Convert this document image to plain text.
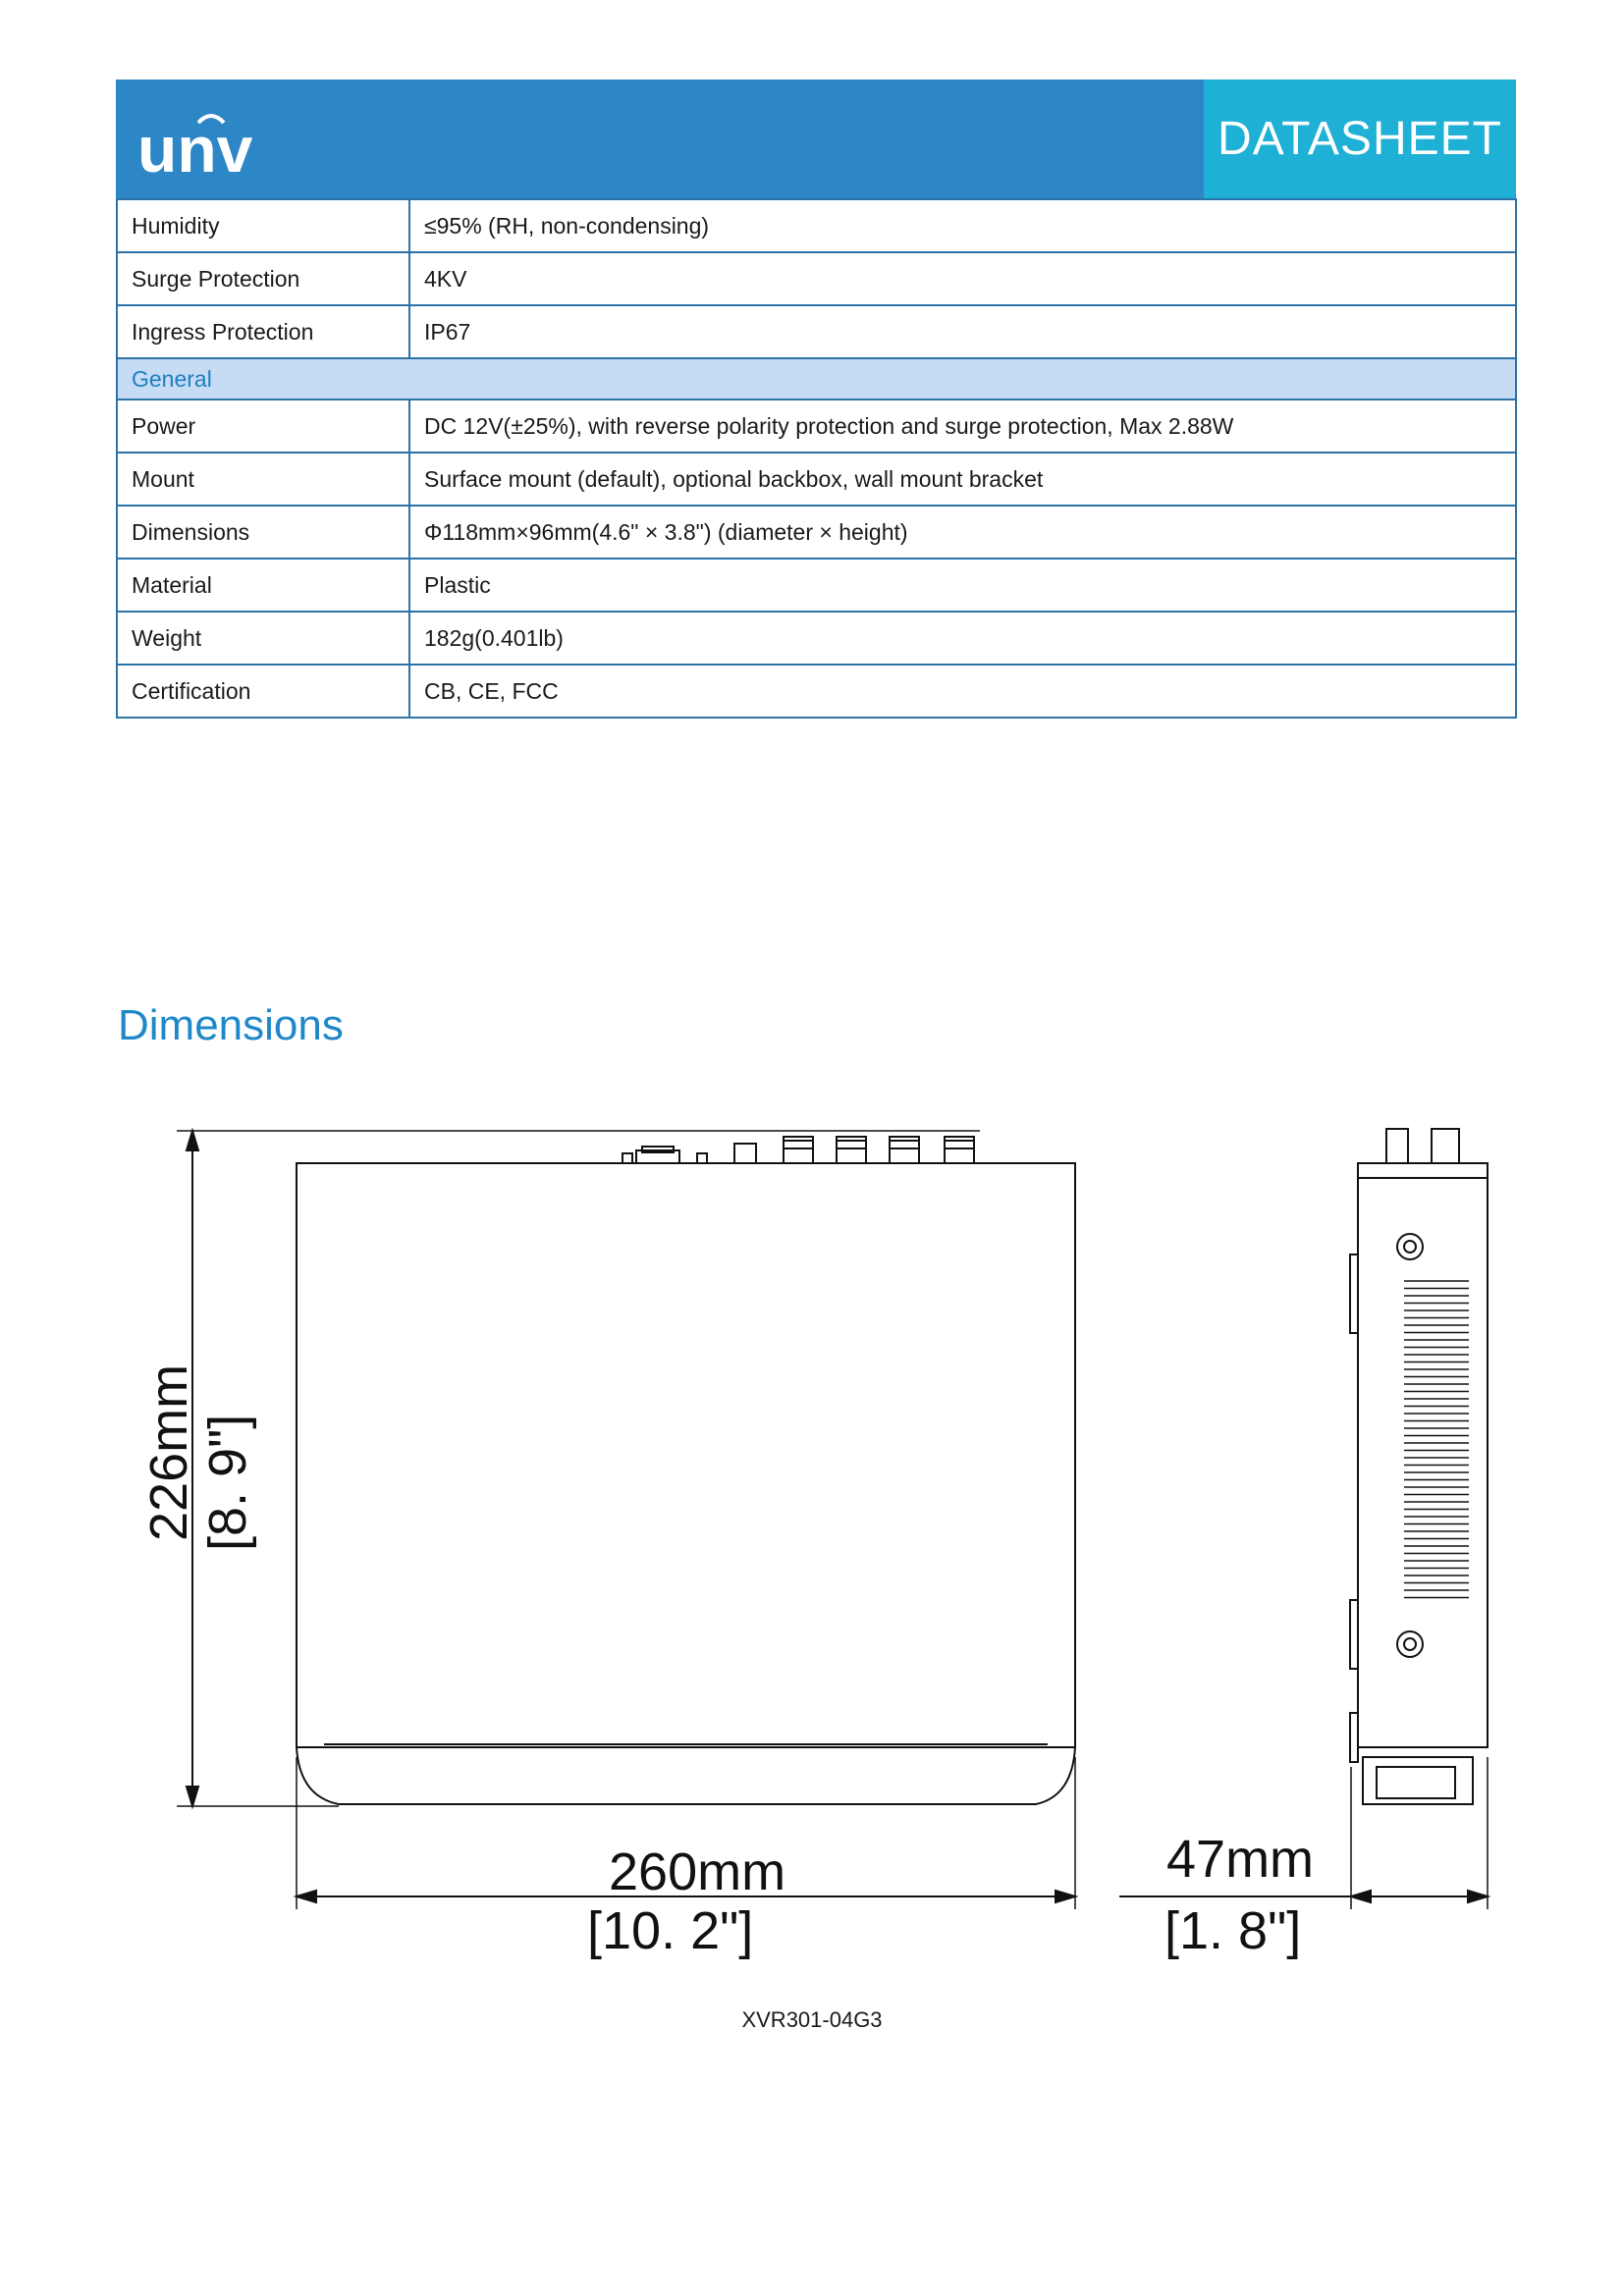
unv	DATASHEET
Humidity	≤95% (RH, non-condensing)
Surge Protection	4KV
Ingress Protection	IP67
General	
Power	DC 12V(±25%), with reverse polarity protection and surge protection, Max 2.88W
Mount	Surface mount (default), optional backbox, wall mount bracket
Dimensions	Φ118mm×96mm(4.6" × 3.8") (diameter × height)
Material	Plastic
Weight	182g(0.401lb)
Certification	CB, CE, FCC
Dimensions
226mm [8. 9"]
260mm
[10. 2"]
47mm
[1. 8"]
XVR301-04G3
